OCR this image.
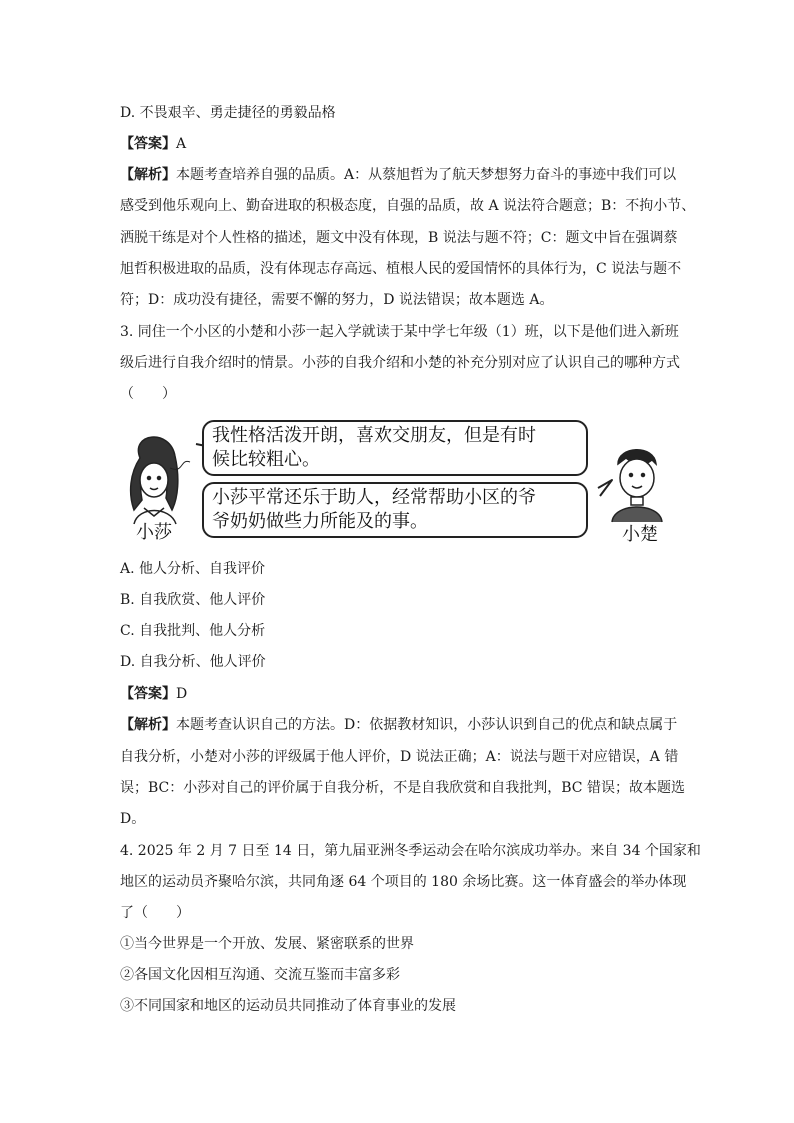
D. 不畏艰辛、勇走捷径的勇毅品格
【答案】A
【解析】本题考查培养自强的品质。A：从蔡旭哲为了航天梦想努力奋斗的事迹中我们可以
感受到他乐观向上、勤奋进取的积极态度，自强的品质，故 A 说法符合题意；B：不拘小节、
洒脱干练是对个人性格的描述，题文中没有体现，B 说法与题不符；C：题文中旨在强调蔡
旭哲积极进取的品质，没有体现志存高远、植根人民的爱国情怀的具体行为，C 说法与题不
符；D：成功没有捷径，需要不懈的努力，D 说法错误；故本题选 A。
3. 同住一个小区的小楚和小莎一起入学就读于某中学七年级（1）班，以下是他们进入新班
级后进行自我介绍时的情景。小莎的自我介绍和小楚的补充分别对应了认识自己的哪种方式
（　　）
我性格活泼开朗，喜欢交朋友，但是有时
候比较粗心。
小莎平常还乐于助人，经常帮助小区的爷
爷奶奶做些力所能及的事。
小莎	小楚
A. 他人分析、自我评价
B. 自我欣赏、他人评价
C. 自我批判、他人分析
D. 自我分析、他人评价
【答案】D
【解析】本题考查认识自己的方法。D：依据教材知识，小莎认识到自己的优点和缺点属于
自我分析，小楚对小莎的评级属于他人评价，D 说法正确；A：说法与题干对应错误，A 错
误；BC：小莎对自己的评价属于自我分析，不是自我欣赏和自我批判，BC 错误；故本题选
D。
4. 2025 年 2 月 7 日至 14 日，第九届亚洲冬季运动会在哈尔滨成功举办。来自 34 个国家和
地区的运动员齐聚哈尔滨，共同角逐 64 个项目的 180 余场比赛。这一体育盛会的举办体现
了（　　）
①当今世界是一个开放、发展、紧密联系的世界
②各国文化因相互沟通、交流互鉴而丰富多彩
③不同国家和地区的运动员共同推动了体育事业的发展
